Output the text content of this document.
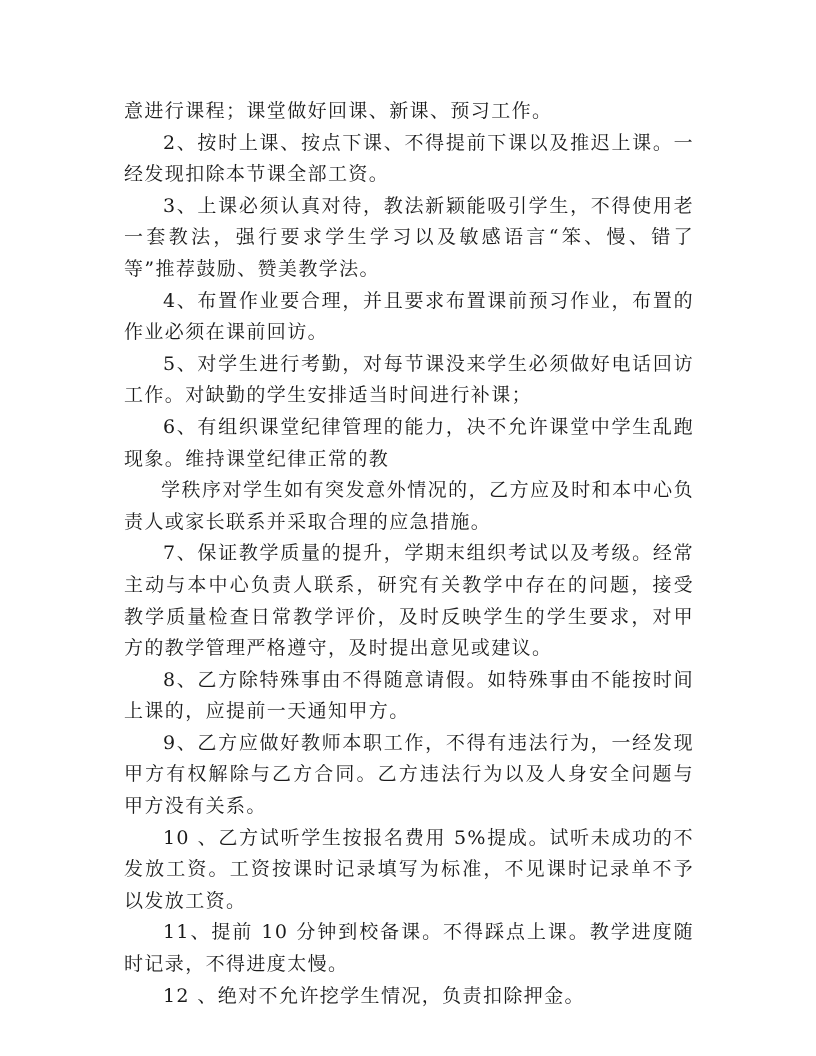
意进行课程；课堂做好回课、新课、预习工作。

2、按时上课、按点下课、不得提前下课以及推迟上课。一经发现扣除本节课全部工资。

3、上课必须认真对待，教法新颖能吸引学生，不得使用老一套教法，强行要求学生学习以及敏感语言“笨、慢、错了等”推荐鼓励、赞美教学法。

4、布置作业要合理，并且要求布置课前预习作业，布置的作业必须在课前回访。

5、对学生进行考勤，对每节课没来学生必须做好电话回访工作。对缺勤的学生安排适当时间进行补课；

6、有组织课堂纪律管理的能力，决不允许课堂中学生乱跑现象。维持课堂纪律正常的教

学秩序对学生如有突发意外情况的，乙方应及时和本中心负责人或家长联系并采取合理的应急措施。

7、保证教学质量的提升，学期末组织考试以及考级。经常主动与本中心负责人联系，研究有关教学中存在的问题，接受教学质量检查日常教学评价，及时反映学生的学生要求，对甲方的教学管理严格遵守，及时提出意见或建议。

8、乙方除特殊事由不得随意请假。如特殊事由不能按时间上课的，应提前一天通知甲方。

9、乙方应做好教师本职工作，不得有违法行为，一经发现甲方有权解除与乙方合同。乙方违法行为以及人身安全问题与甲方没有关系。

10 、乙方试听学生按报名费用 5%提成。试听未成功的不发放工资。工资按课时记录填写为标准，不见课时记录单不予以发放工资。

11、提前 10 分钟到校备课。不得踩点上课。教学进度随时记录，不得进度太慢。

12 、绝对不允许挖学生情况，负责扣除押金。
